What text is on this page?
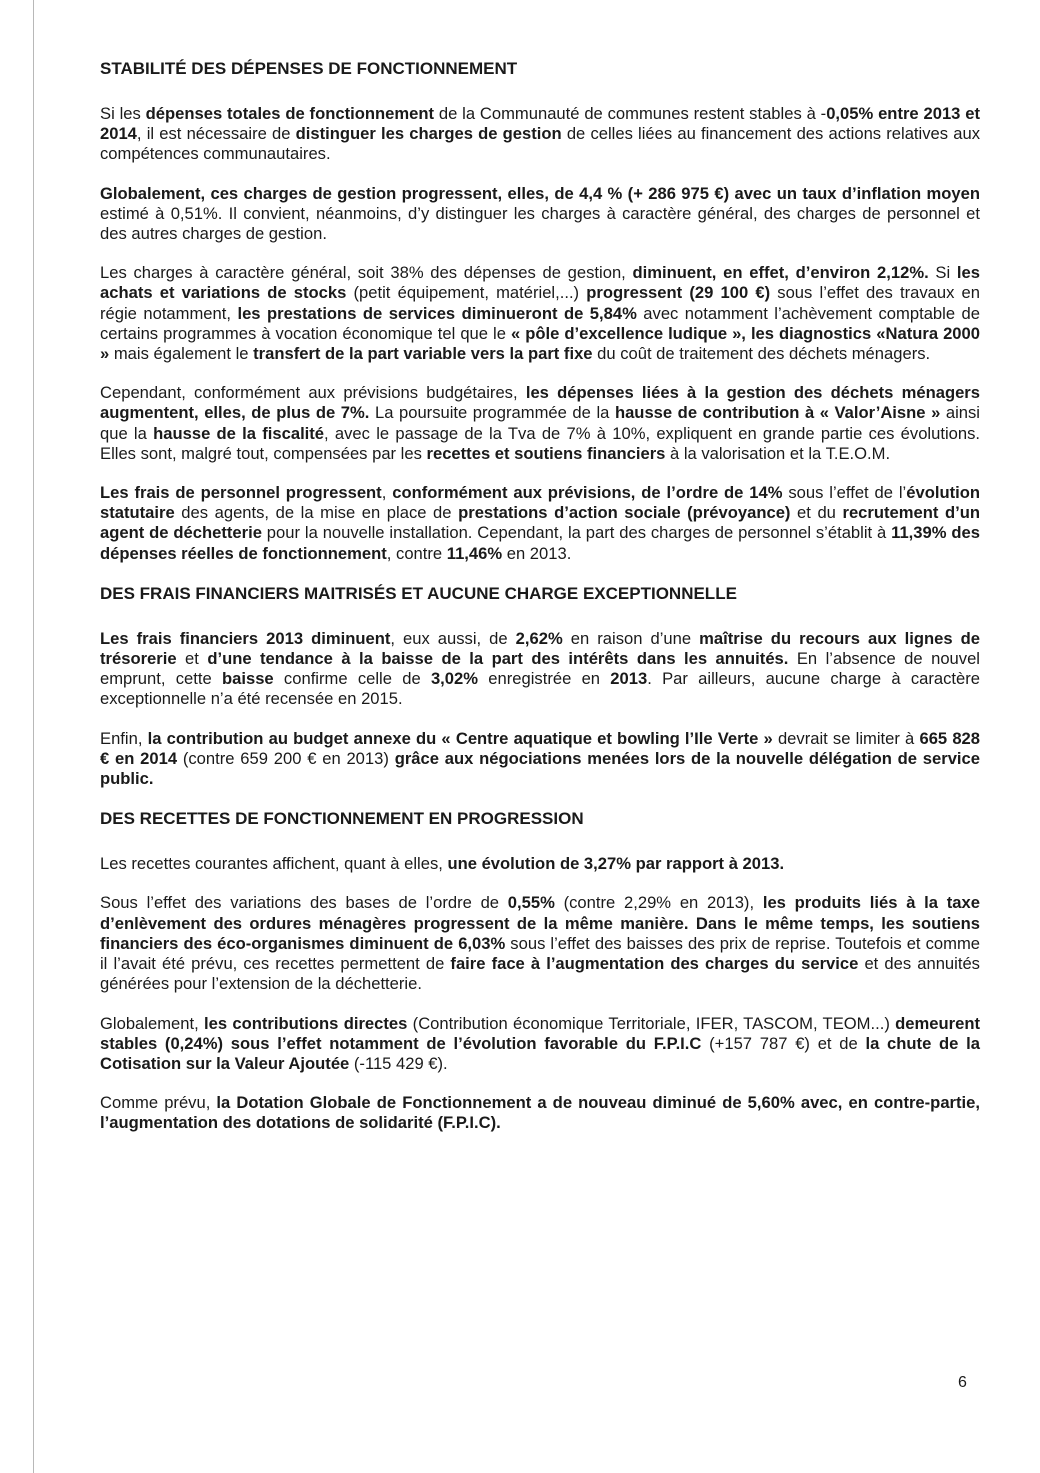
STABILITÉ DES DÉPENSES DE FONCTIONNEMENT

Si les dépenses totales de fonctionnement de la Communauté de communes restent stables à -0,05% entre 2013 et 2014, il est nécessaire de distinguer les charges de gestion de celles liées au financement des actions relatives aux compétences communautaires.

Globalement, ces charges de gestion progressent, elles, de 4,4 % (+ 286 975 €) avec un taux d’inflation moyen estimé à 0,51%. Il convient, néanmoins, d’y distinguer les charges à caractère général, des charges de personnel et des autres charges de gestion.

Les charges à caractère général, soit 38% des dépenses de gestion, diminuent, en effet, d’environ 2,12%. Si les achats et variations de stocks (petit équipement, matériel,...) progressent (29 100 €) sous l’effet des travaux en régie notamment, les prestations de services diminueront de 5,84% avec notamment l’achèvement comptable de certains programmes à vocation économique tel que le « pôle d’excellence ludique », les diagnostics «Natura 2000 » mais également le transfert de la part variable vers la part fixe du coût de traitement des déchets ménagers.

Cependant, conformément aux prévisions budgétaires, les dépenses liées à la gestion des déchets ménagers augmentent, elles, de plus de 7%. La poursuite programmée de la hausse de contribution à « Valor’Aisne » ainsi que la hausse de la fiscalité, avec le passage de la Tva de 7% à 10%, expliquent en grande partie ces évolutions. Elles sont, malgré tout, compensées par les recettes et soutiens financiers à la valorisation et la T.E.O.M.

Les frais de personnel progressent, conformément aux prévisions, de l’ordre de 14% sous l’effet de l’évolution statutaire des agents, de la mise en place de prestations d’action sociale (prévoyance) et du recrutement d’un agent de déchetterie pour la nouvelle installation. Cependant, la part des charges de personnel s’établit à 11,39% des dépenses réelles de fonctionnement, contre 11,46% en 2013.

DES FRAIS FINANCIERS MAITRISÉS ET AUCUNE CHARGE EXCEPTIONNELLE

Les frais financiers 2013 diminuent, eux aussi, de 2,62% en raison d’une maîtrise du recours aux lignes de trésorerie et d’une tendance à la baisse de la part des intérêts dans les annuités. En l’absence de nouvel emprunt, cette baisse confirme celle de 3,02% enregistrée en 2013. Par ailleurs, aucune charge à caractère exceptionnelle n’a été recensée en 2015.

Enfin, la contribution au budget annexe du « Centre aquatique et bowling l’Ile Verte » devrait se limiter à 665 828 € en 2014 (contre 659 200 € en 2013) grâce aux négociations menées lors de la nouvelle délégation de service public.

DES RECETTES DE FONCTIONNEMENT EN PROGRESSION

Les recettes courantes affichent, quant à elles, une évolution de 3,27% par rapport à 2013.

Sous l’effet des variations des bases de l’ordre de 0,55% (contre 2,29% en 2013), les produits liés à la taxe d’enlèvement des ordures ménagères progressent de la même manière. Dans le même temps, les soutiens financiers des éco-organismes diminuent de 6,03% sous l’effet des baisses des prix de reprise. Toutefois et comme il l’avait été prévu, ces recettes permettent de faire face à l’augmentation des charges du service et des annuités générées pour l’extension de la déchetterie.

Globalement, les contributions directes (Contribution économique Territoriale, IFER, TASCOM, TEOM...) demeurent stables (0,24%) sous l’effet notamment de l’évolution favorable du F.P.I.C (+157 787 €) et de la chute de la Cotisation sur la Valeur Ajoutée (-115 429 €).

Comme prévu, la Dotation Globale de Fonctionnement a de nouveau diminué de 5,60% avec, en contre-partie, l’augmentation des dotations de solidarité (F.P.I.C).

6
